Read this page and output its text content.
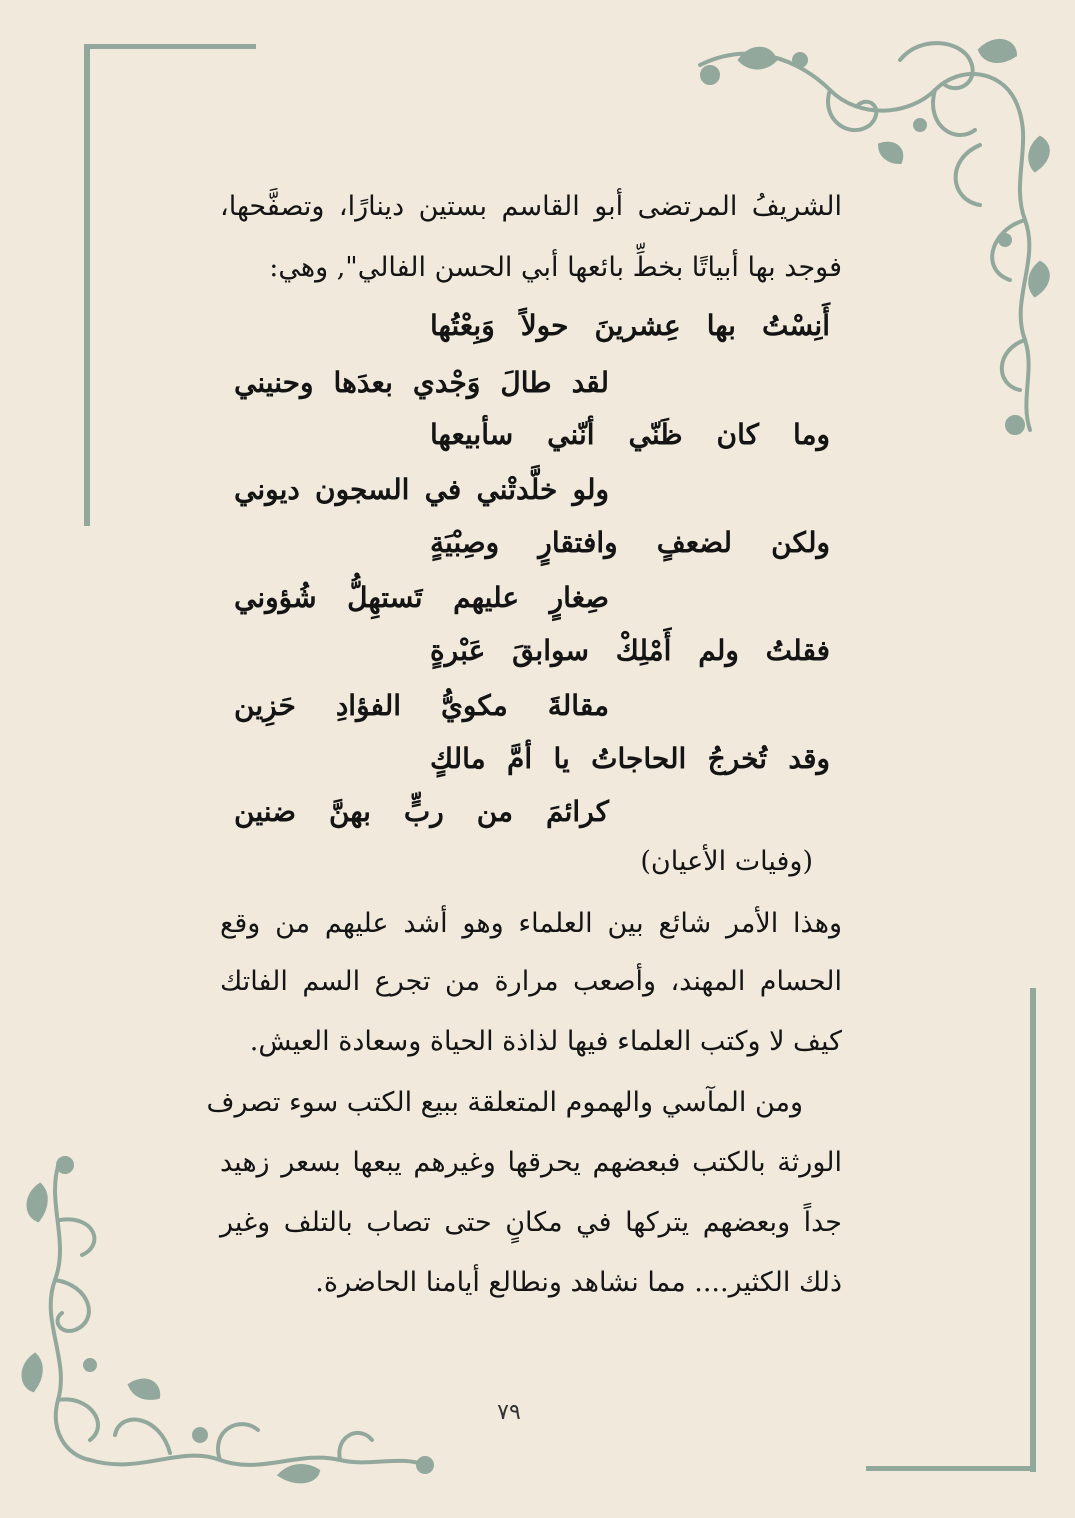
الشريفُ المرتضى أبو القاسم بستين دينارًا، وتصفَّحها،
فوجد بها أبياتًا بخطِّ بائعها أبي الحسن الفالي", وهي:
أَنِسْتُ بها عِشرينَ حولاً وَبِعْتُها
لقد طالَ وَجْدي بعدَها وحنيني
وما كان ظَنّي أنّني سأبيعها
ولو خلَّدتْني في السجون ديوني
ولكن لضعفٍ وافتقارٍ وصِبْيَةٍ
صِغارٍ عليهم تَستهِلُّ شُؤوني
فقلتُ ولم أَمْلِكْ سوابقَ عَبْرةٍ
مقالةَ مكويُّ الفؤادِ حَزِين
وقد تُخرجُ الحاجاتُ يا أمَّ مالكٍ
كرائمَ من ربٍّ بهنَّ ضنين
(وفيات الأعيان)
وهذا الأمر شائع بين العلماء وهو أشد عليهم من وقع
الحسام المهند، وأصعب مرارة من تجرع السم الفاتك
كيف لا وكتب العلماء فيها لذاذة الحياة وسعادة العيش.
ومن المآسي والهموم المتعلقة ببيع الكتب سوء تصرف
الورثة بالكتب فبعضهم يحرقها وغيرهم يبعها بسعر زهيد
جداً وبعضهم يتركها في مكانٍ حتى تصاب بالتلف وغير
ذلك الكثير.... مما نشاهد ونطالع أيامنا الحاضرة.
٧٩
